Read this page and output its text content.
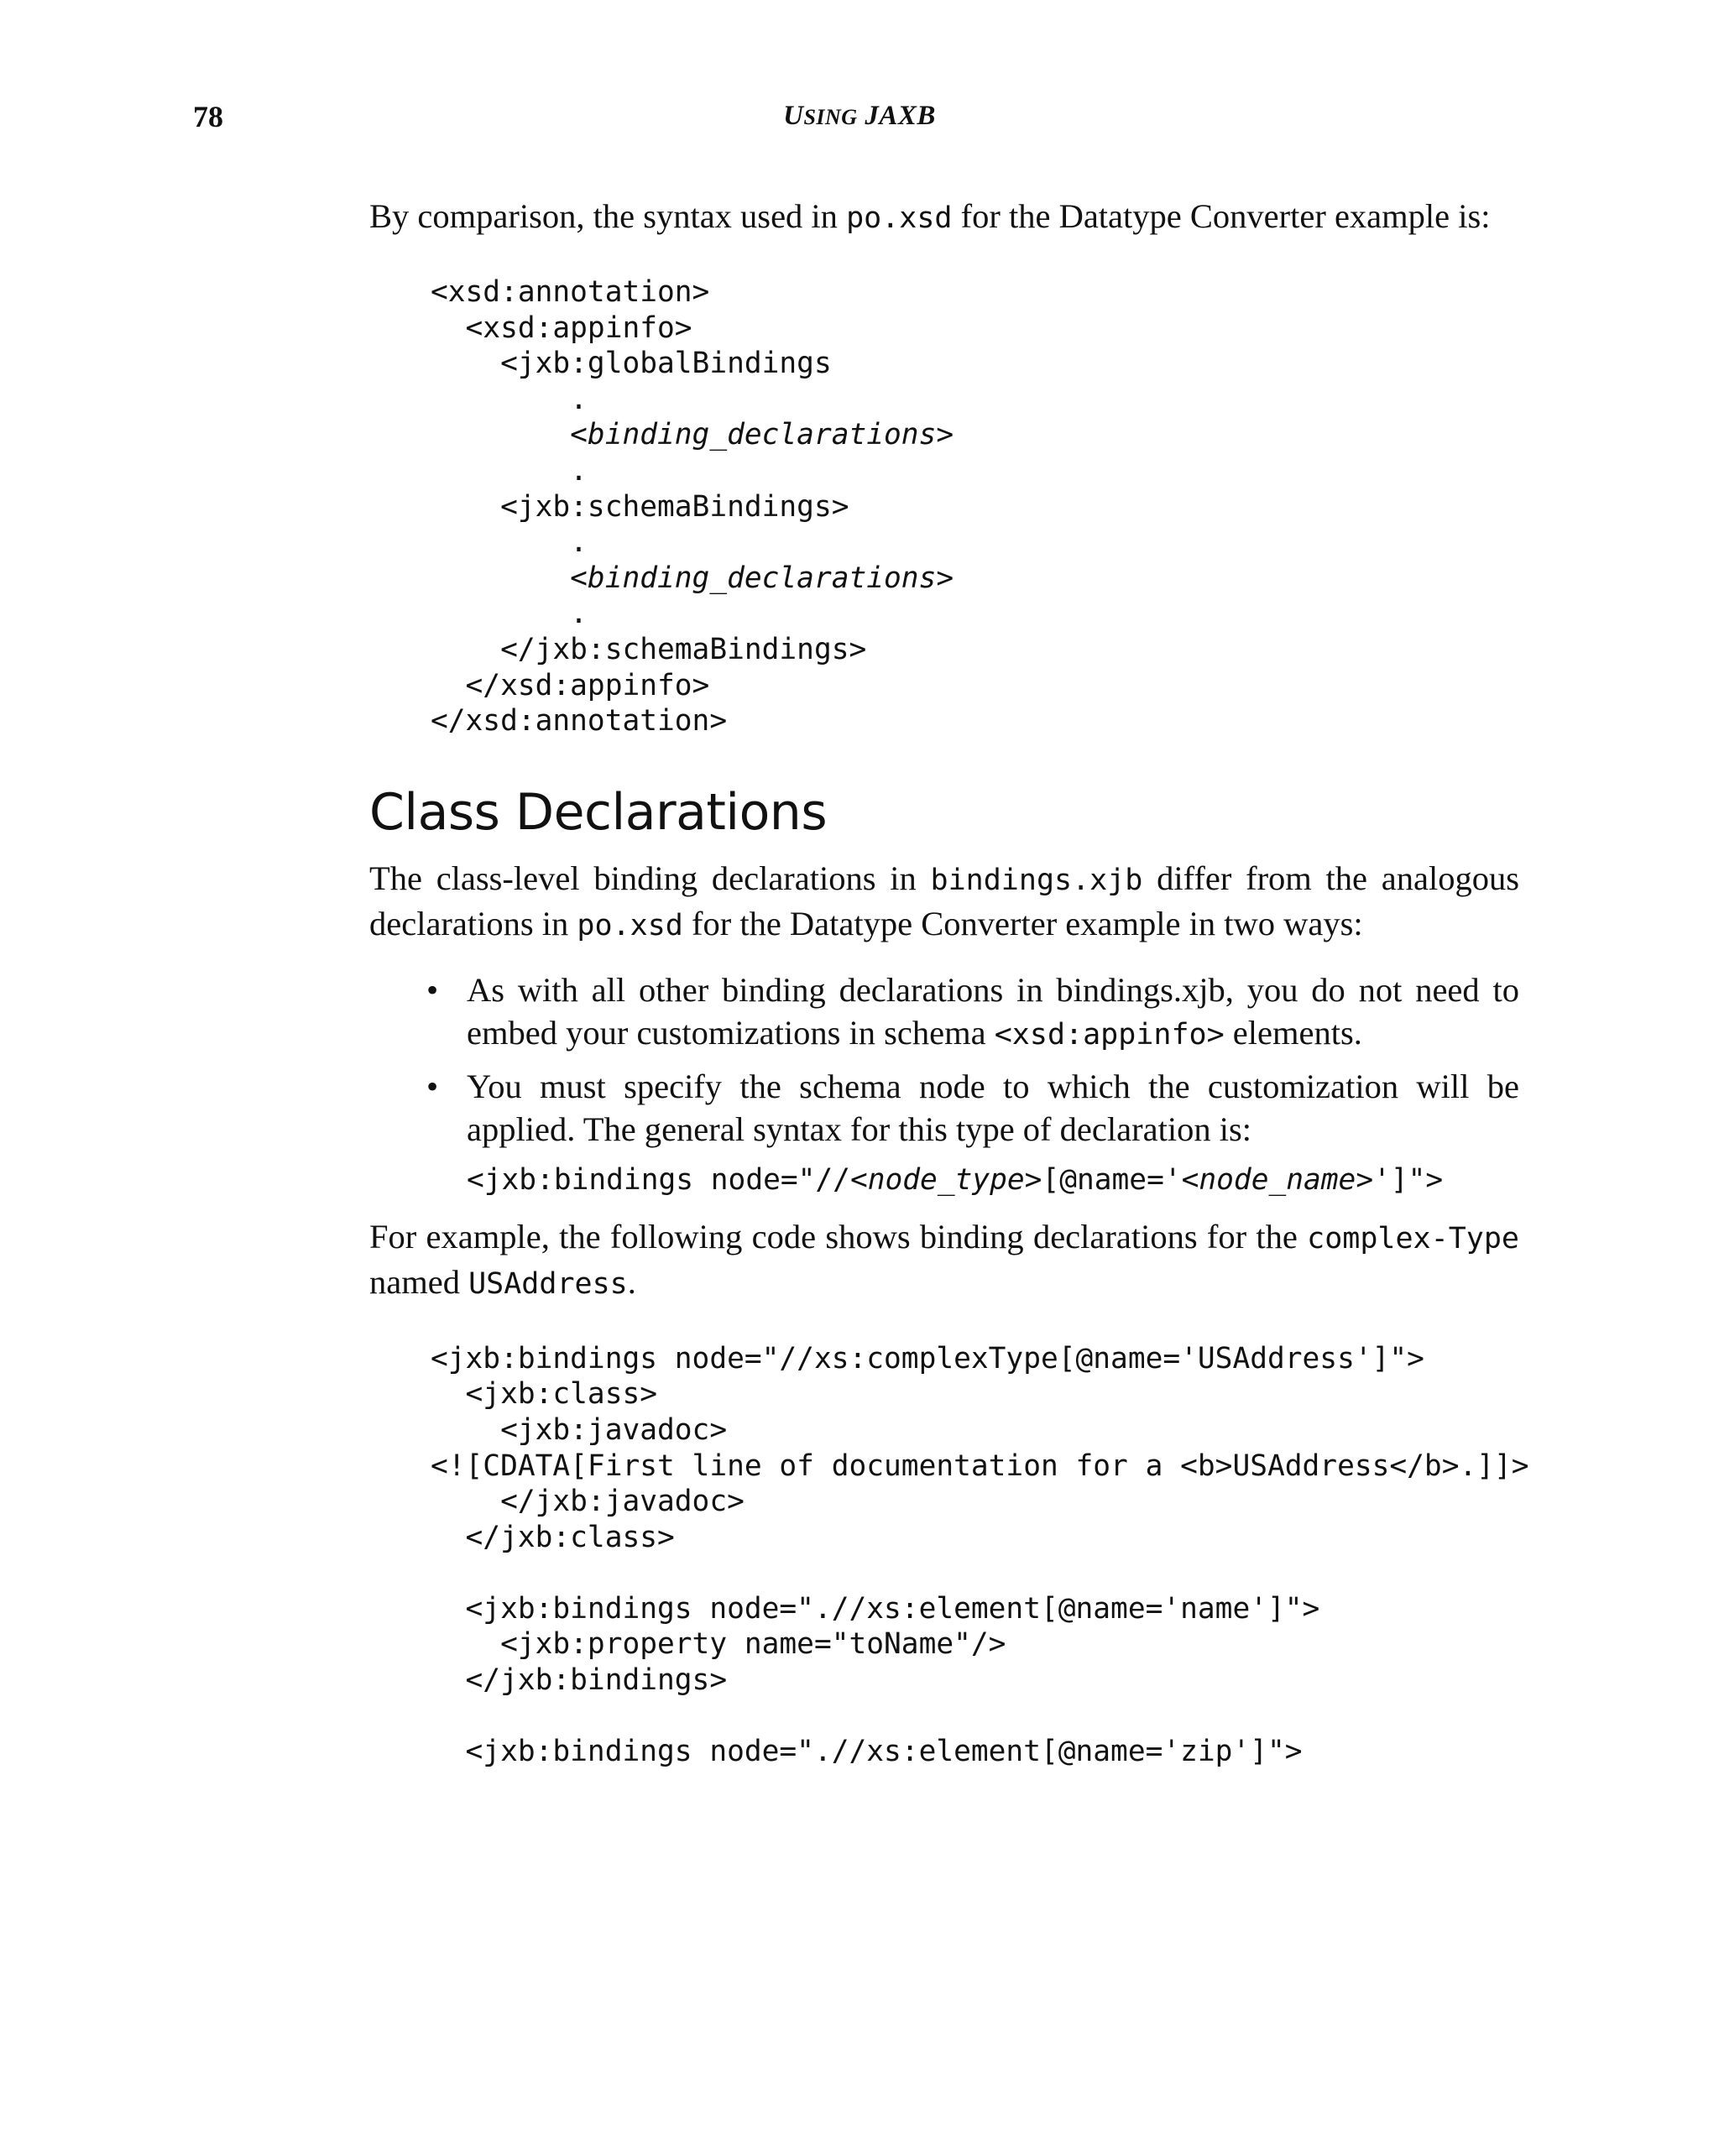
78	USING JAXB

By comparison, the syntax used in po.xsd for the Datatype Converter example is:

<xsd:annotation>
<xsd:appinfo>
<jxb:globalBindings
.
<binding_declarations>
.
<jxb:schemaBindings>
.
<binding_declarations>
.
</jxb:schemaBindings>
</xsd:appinfo>
</xsd:annotation>
Class Declarations

The class-level binding declarations in bindings.xjb differ from the analogous declarations in po.xsd for the Datatype Converter example in two ways:

• As with all other binding declarations in bindings.xjb, you do not need to embed your customizations in schema <xsd:appinfo> elements.
• You must specify the schema node to which the customization will be applied. The general syntax for this type of declaration is:
<jxb:bindings node="//<node_type>[@name='<node_name>']">

For example, the following code shows binding declarations for the complex-Type named USAddress.

<jxb:bindings node="//xs:complexType[@name='USAddress']">
<jxb:class>
<jxb:javadoc>
<![CDATA[First line of documentation for a <b>USAddress</b>.]]>
</jxb:javadoc>
</jxb:class>
<jxb:bindings node=".//xs:element[@name='name']">
<jxb:property name="toName"/>
</jxb:bindings>
<jxb:bindings node=".//xs:element[@name='zip']">
